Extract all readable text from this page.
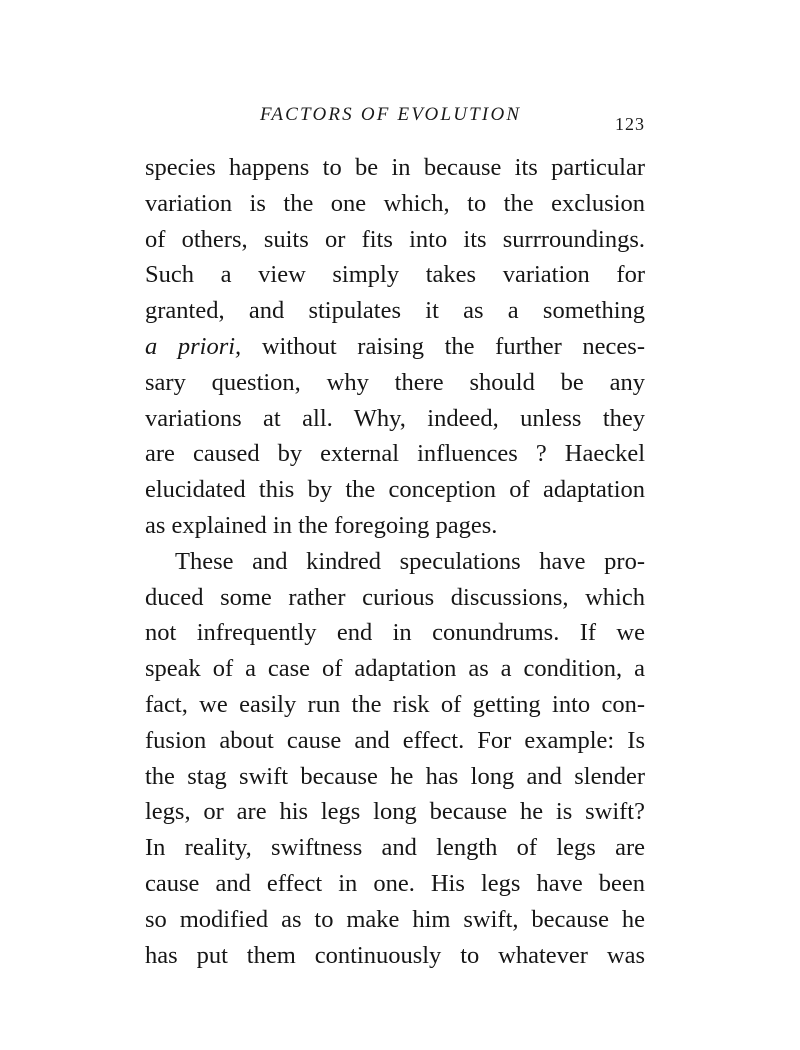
FACTORS OF EVOLUTION	123
species happens to be in because its particular
variation is the one which, to the exclusion
of others, suits or fits into its surrroundings.
Such a view simply takes variation for
granted, and stipulates it as a something
a priori, without raising the further neces-
sary question, why there should be any
variations at all. Why, indeed, unless they
are caused by external influences ? Haeckel
elucidated this by the conception of adaptation
as explained in the foregoing pages.
These and kindred speculations have pro-
duced some rather curious discussions, which
not infrequently end in conundrums. If we
speak of a case of adaptation as a condition, a
fact, we easily run the risk of getting into con-
fusion about cause and effect. For example: Is
the stag swift because he has long and slender
legs, or are his legs long because he is swift?
In reality, swiftness and length of legs are
cause and effect in one. His legs have been
so modified as to make him swift, because he
has put them continuously to whatever was
